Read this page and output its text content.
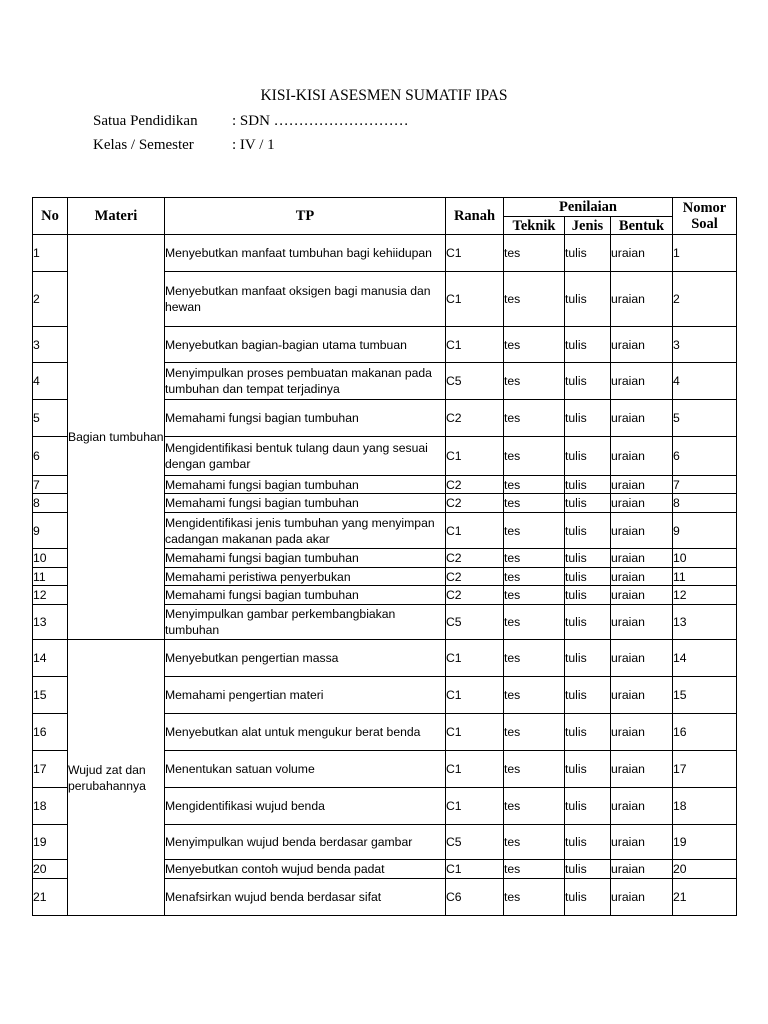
KISI-KISI ASESMEN SUMATIF IPAS
Satua Pendidikan : SDN ………………………
Kelas / Semester	: IV / 1
No	Materi	TP	Ranah	Penilaian			Nomor Soal
				Teknik	Jenis	Bentuk	
1	Bagian tumbuhan	Menyebutkan manfaat tumbuhan bagi kehiidupan	C1	tes	tulis	uraian	1
2		Menyebutkan manfaat oksigen bagi manusia dan hewan	C1	tes	tulis	uraian	2
3		Menyebutkan bagian-bagian utama tumbuan	C1	tes	tulis	uraian	3
4		Menyimpulkan proses pembuatan makanan pada tumbuhan dan tempat terjadinya	C5	tes	tulis	uraian	4
5		Memahami fungsi bagian tumbuhan	C2	tes	tulis	uraian	5
6		Mengidentifikasi bentuk tulang daun yang sesuai dengan gambar	C1	tes	tulis	uraian	6
7		Memahami fungsi bagian tumbuhan	C2	tes	tulis	uraian	7
8		Memahami fungsi bagian tumbuhan	C2	tes	tulis	uraian	8
9		Mengidentifikasi jenis tumbuhan yang menyimpan cadangan makanan pada akar	C1	tes	tulis	uraian	9
10		Memahami fungsi bagian tumbuhan	C2	tes	tulis	uraian	10
11		Memahami peristiwa penyerbukan	C2	tes	tulis	uraian	11
12		Memahami fungsi bagian tumbuhan	C2	tes	tulis	uraian	12
13		Menyimpulkan gambar perkembangbiakan tumbuhan	C5	tes	tulis	uraian	13
14	Wujud zat dan perubahannya	Menyebutkan pengertian massa	C1	tes	tulis	uraian	14
15		Memahami pengertian materi	C1	tes	tulis	uraian	15
16		Menyebutkan alat untuk mengukur berat benda	C1	tes	tulis	uraian	16
17		Menentukan satuan volume	C1	tes	tulis	uraian	17
18		Mengidentifikasi wujud benda	C1	tes	tulis	uraian	18
19		Menyimpulkan wujud benda berdasar gambar	C5	tes	tulis	uraian	19
20		Menyebutkan contoh wujud benda padat	C1	tes	tulis	uraian	20
21		Menafsirkan wujud benda berdasar sifat	C6	tes	tulis	uraian	21
